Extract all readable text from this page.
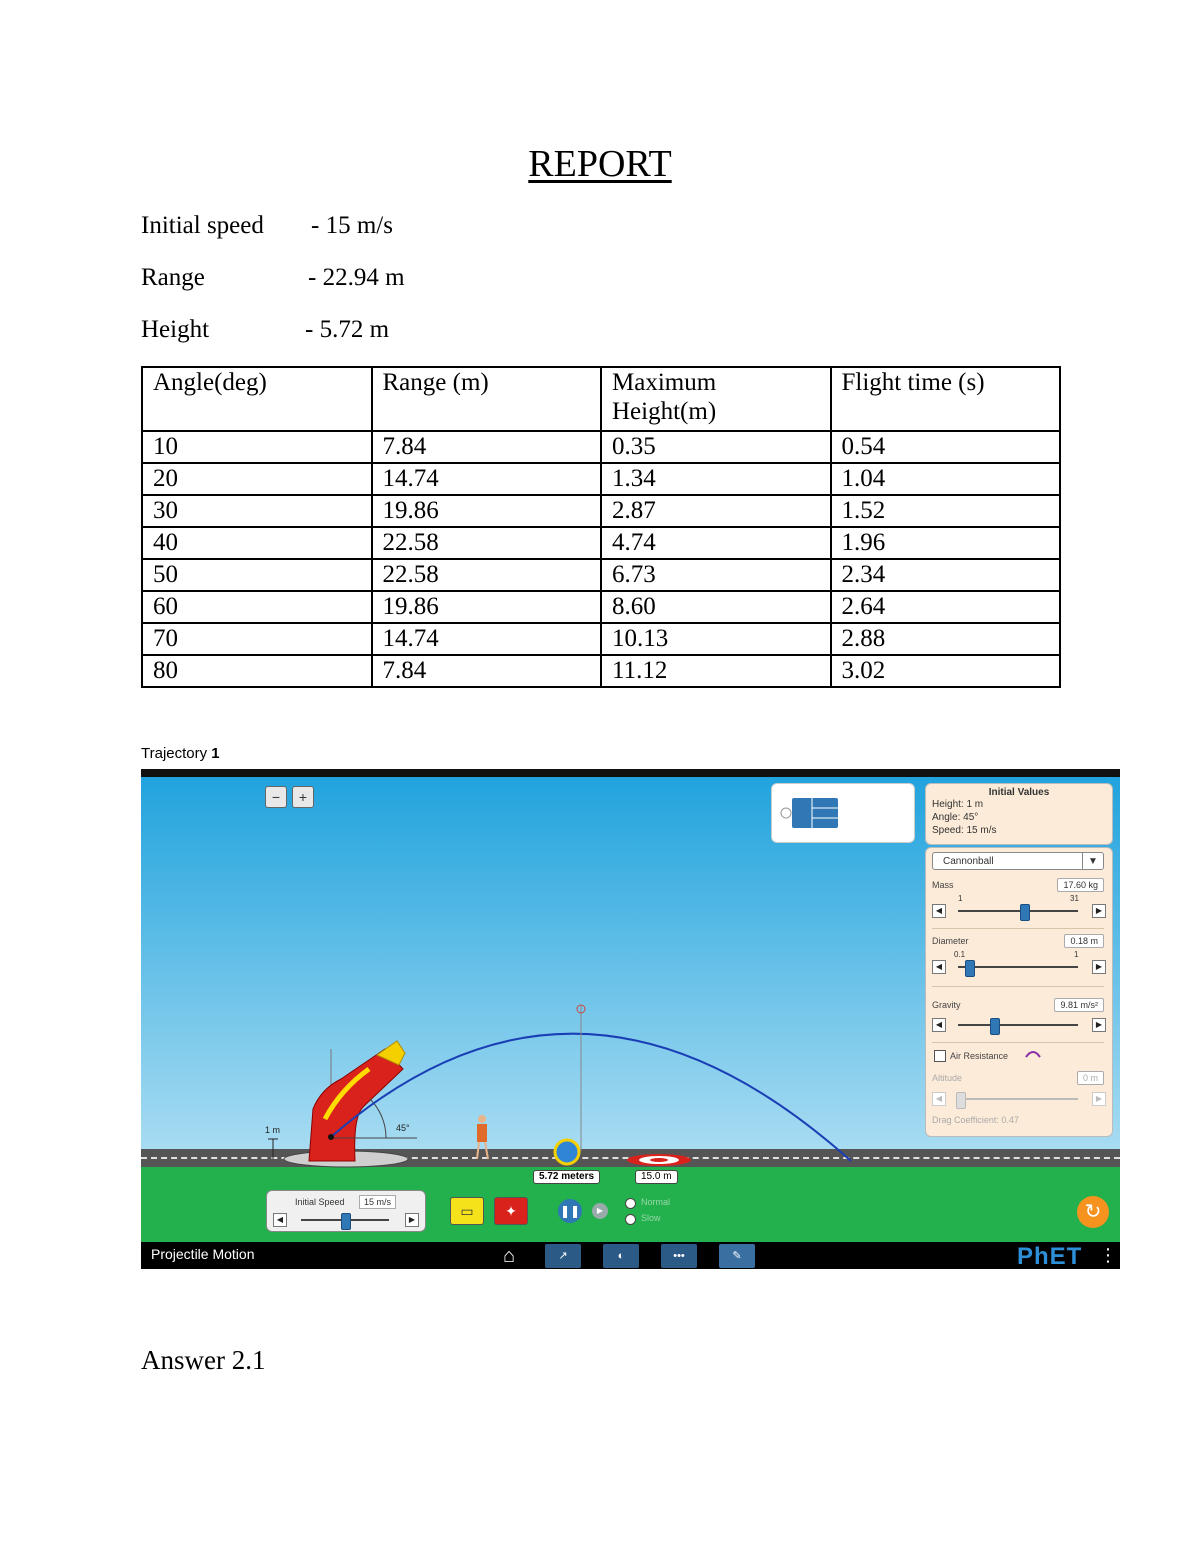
REPORT
Initial speed - 15 m/s
Range	- 22.94 m
Height	- 5.72 m
Angle(deg)	Range (m)	Maximum Height(m)	Flight time (s)
10	7.84	0.35	0.54
20	14.74	1.34	1.04
30	19.86	2.87	1.52
40	22.58	4.74	1.96
50	22.58	6.73	2.34
60	19.86	8.60	2.64
70	14.74	10.13	2.88
80	7.84	11.12	3.02
Trajectory 1
−	+	Initial Values
Height: 1 m
Angle: 45°
Speed: 15 m/s
Cannonball	▼
Mass	17.60 kg
1	31
◀	▶
Diameter	0.18 m
0.1	1
◀	▶
Gravity	9.81 m/s²
◀	▶
Air Resistance
Altitude	0 m
◀	▶
Drag Coefficient: 0.47
1 m	45°
5.72 meters	15.0 m
Initial Speed	15 m/s
◀	▶
▭	✦	❚❚	▶
Normal
Slow	↻
Projectile Motion	⌂	↗	◐	•••	✎	PhET ⋮
Answer 2.1
